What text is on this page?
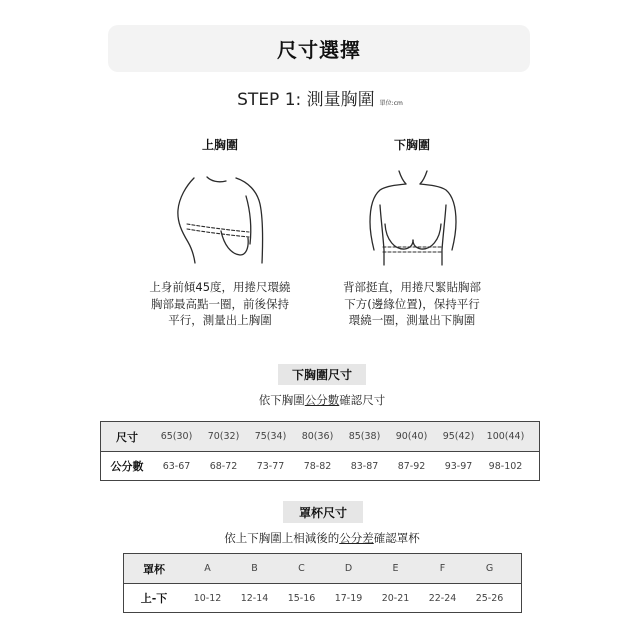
尺寸選擇
STEP 1: 測量胸圍 單位:cm
上胸圍	下胸圍
上身前傾45度，用捲尺環繞
胸部最高點一圈，前後保持
平行，測量出上胸圍
背部挺直，用捲尺緊貼胸部
下方(邊緣位置)，保持平行
環繞一圈，測量出下胸圍
下胸圍尺寸
依下胸圍公分數確認尺寸
尺寸	65(30)	70(32)	75(34)	80(36)	85(38)	90(40)	95(42)	100(44)
公分數	63-67	68-72	73-77	78-82	83-87	87-92	93-97	98-102
罩杯尺寸
依上下胸圍上相減後的公分差確認罩杯
罩杯	A	B	C	D	E	F	G
上-下	10-12	12-14	15-16	17-19	20-21	22-24	25-26
